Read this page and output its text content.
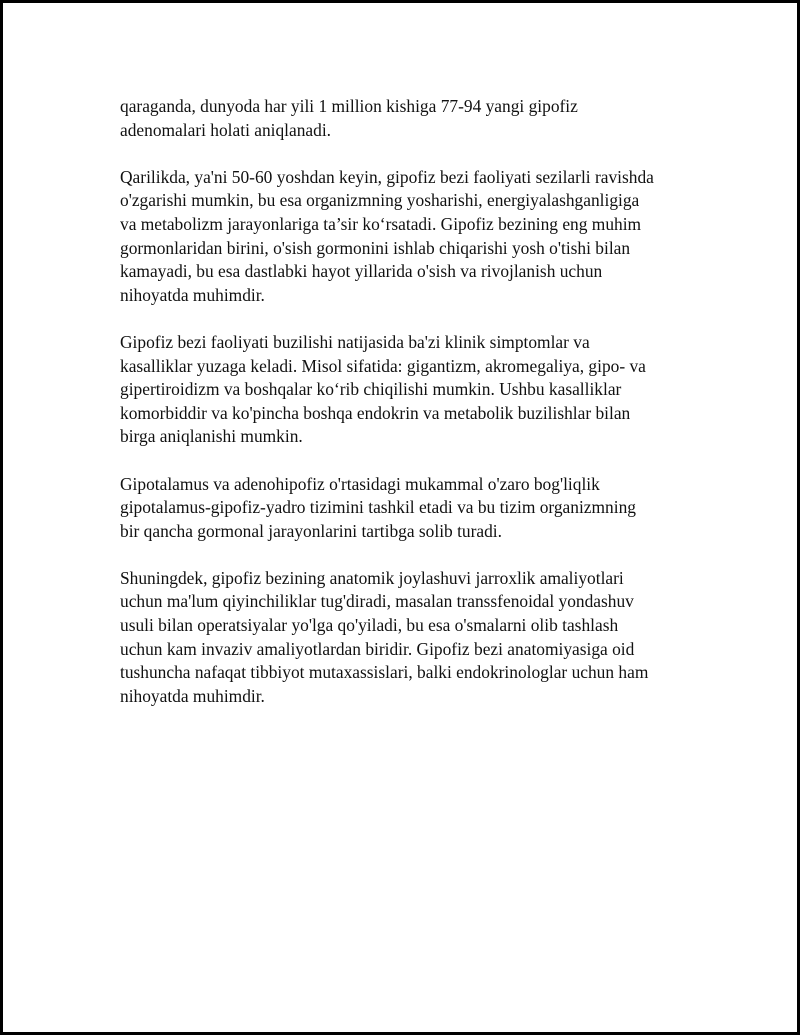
qaraganda, dunyoda har yili 1 million kishiga 77-94 yangi gipofiz
adenomalari holati aniqlanadi.

Qarilikda, ya'ni 50-60 yoshdan keyin, gipofiz bezi faoliyati sezilarli ravishda
o'zgarishi mumkin, bu esa organizmning yosharishi, energiyalashganligiga
va metabolizm jarayonlariga ta’sir ko‘rsatadi. Gipofiz bezining eng muhim
gormonlaridan birini, o'sish gormonini ishlab chiqarishi yosh o'tishi bilan
kamayadi, bu esa dastlabki hayot yillarida o'sish va rivojlanish uchun
nihoyatda muhimdir.

Gipofiz bezi faoliyati buzilishi natijasida ba'zi klinik simptomlar va
kasalliklar yuzaga keladi. Misol sifatida: gigantizm, akromegaliya, gipo- va
gipertiroidizm va boshqalar ko‘rib chiqilishi mumkin. Ushbu kasalliklar
komorbiddir va ko'pincha boshqa endokrin va metabolik buzilishlar bilan
birga aniqlanishi mumkin.

Gipotalamus va adenohipofiz o'rtasidagi mukammal o'zaro bog'liqlik
gipotalamus-gipofiz-yadro tizimini tashkil etadi va bu tizim organizmning
bir qancha gormonal jarayonlarini tartibga solib turadi.

Shuningdek, gipofiz bezining anatomik joylashuvi jarroxlik amaliyotlari
uchun ma'lum qiyinchiliklar tug'diradi, masalan transsfenoidal yondashuv
usuli bilan operatsiyalar yo'lga qo'yiladi, bu esa o'smalarni olib tashlash
uchun kam invaziv amaliyotlardan biridir. Gipofiz bezi anatomiyasiga oid
tushuncha nafaqat tibbiyot mutaxassislari, balki endokrinologlar uchun ham
nihoyatda muhimdir.
